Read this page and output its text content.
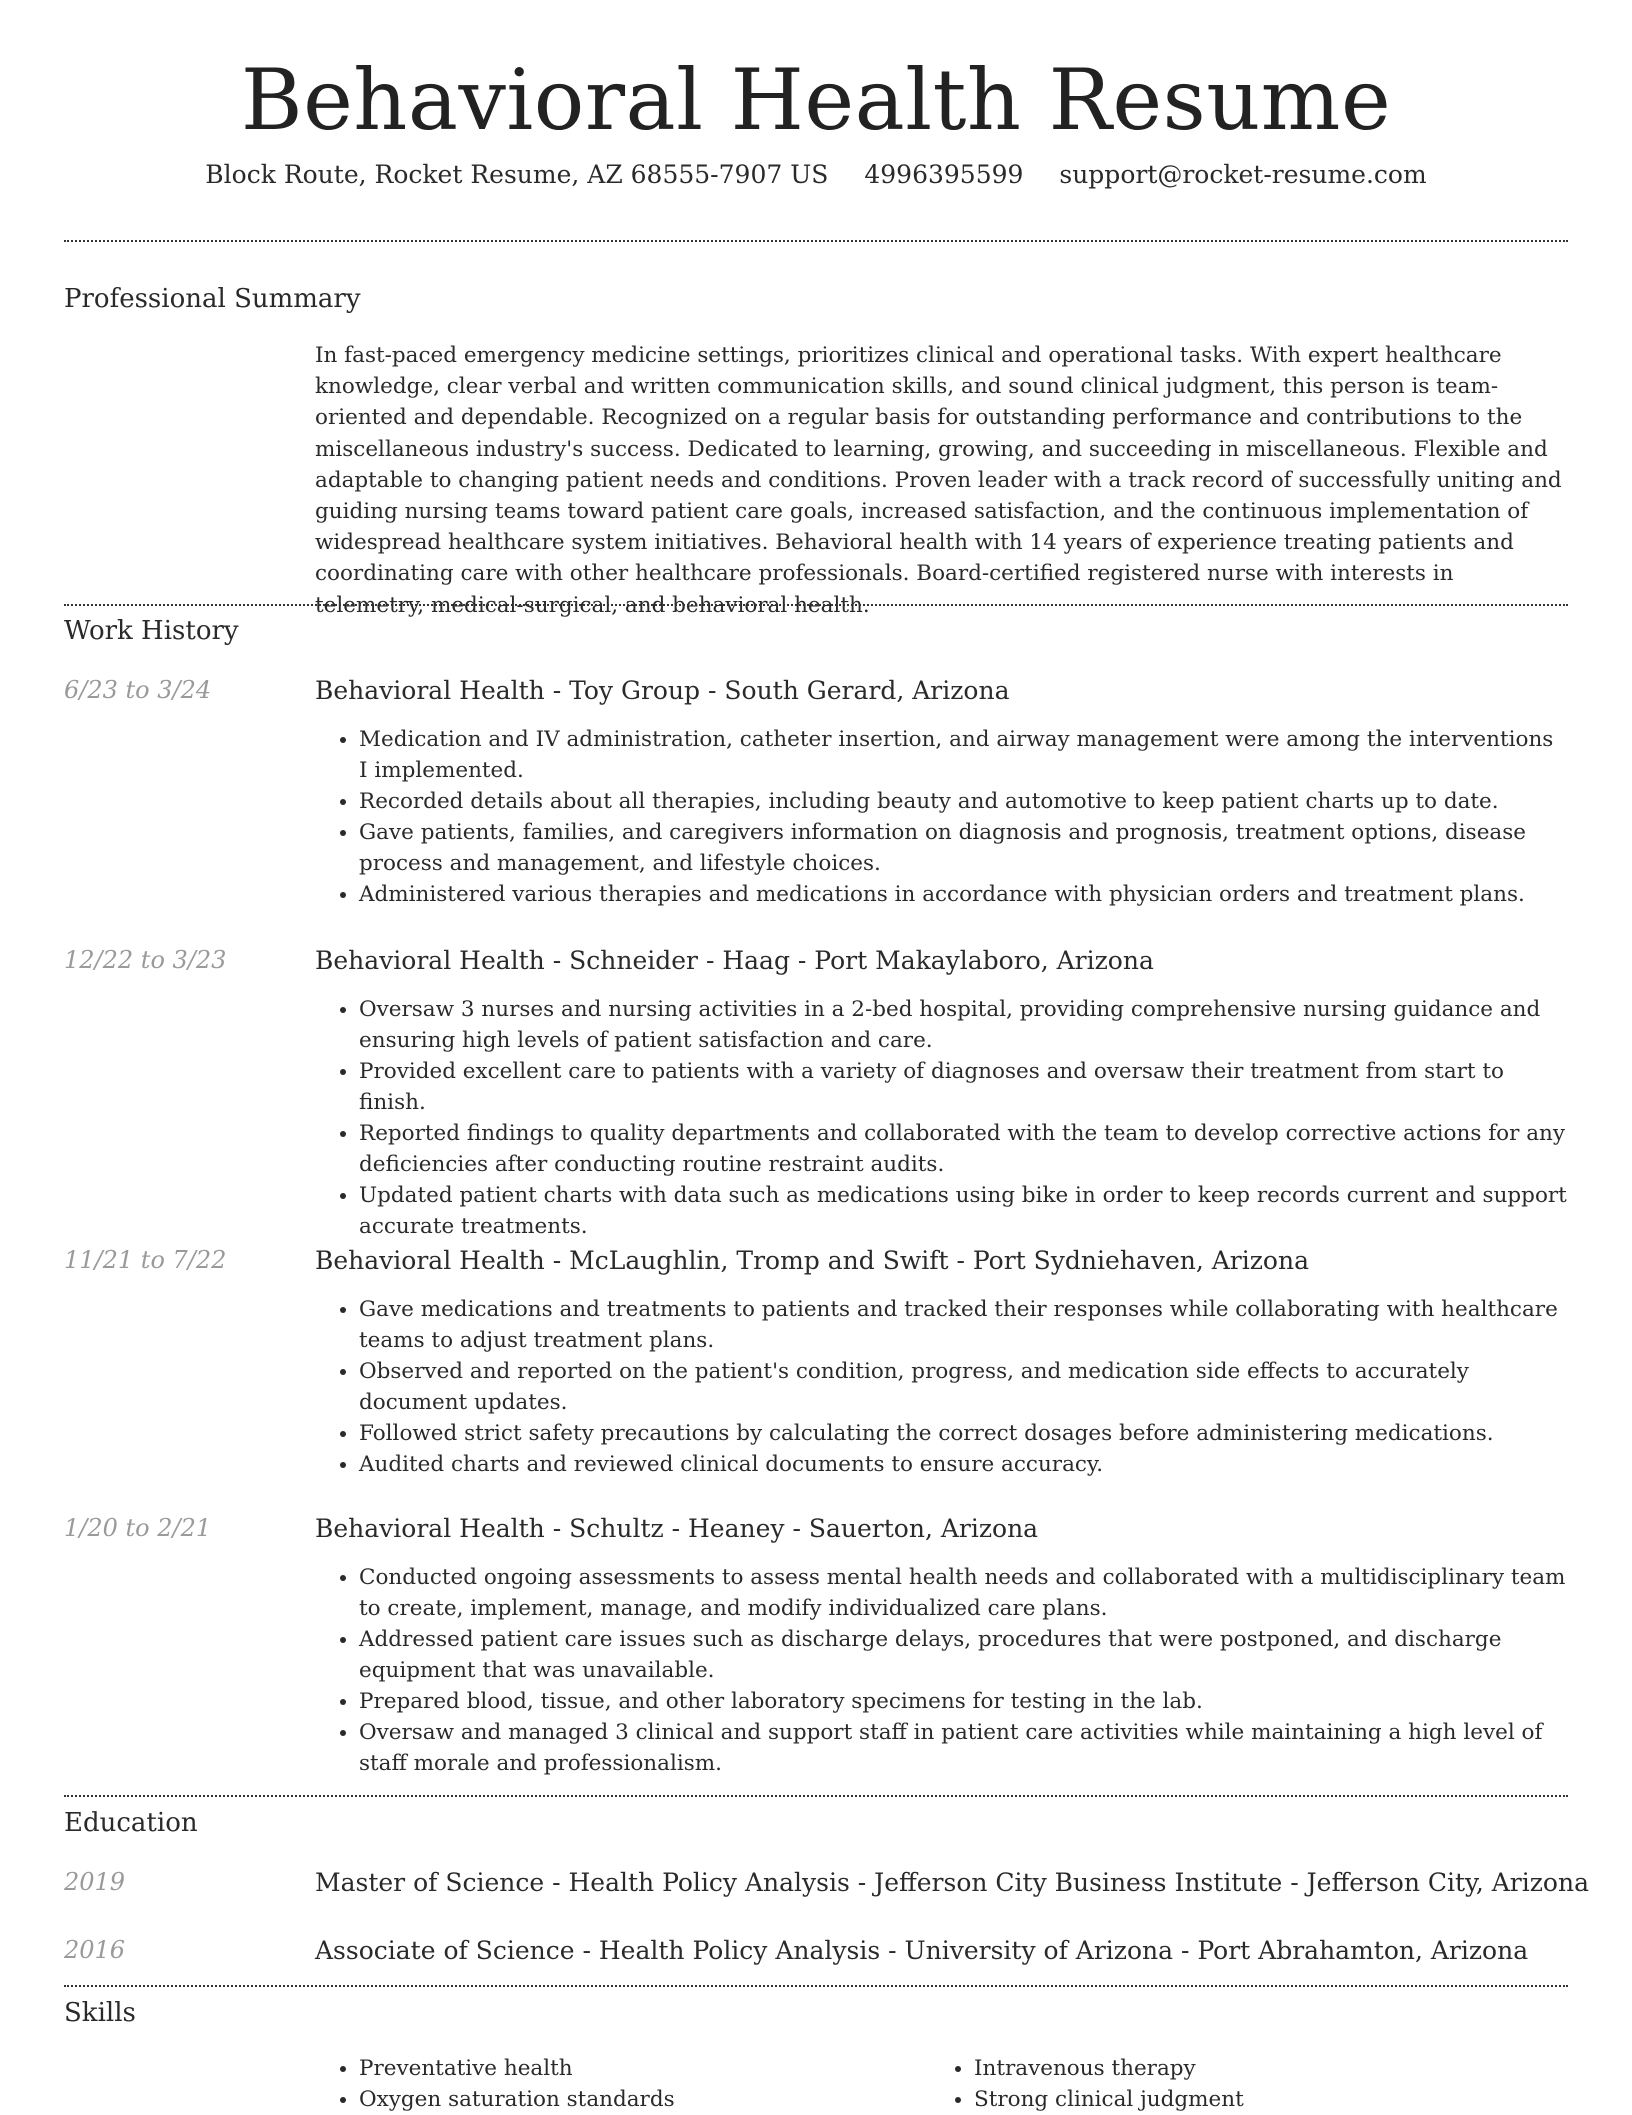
Behavioral Health Resume

Block Route, Rocket Resume, AZ 68555-7907 US 4996395599 support@rocket-resume.com

Professional Summary

In fast-paced emergency medicine settings, prioritizes clinical and operational tasks. With expert healthcare knowledge, clear verbal and written communication skills, and sound clinical judgment, this person is team-oriented and dependable. Recognized on a regular basis for outstanding performance and contributions to the miscellaneous industry's success. Dedicated to learning, growing, and succeeding in miscellaneous. Flexible and adaptable to changing patient needs and conditions. Proven leader with a track record of successfully uniting and guiding nursing teams toward patient care goals, increased satisfaction, and the continuous implementation of widespread healthcare system initiatives. Behavioral health with 14 years of experience treating patients and coordinating care with other healthcare professionals. Board-certified registered nurse with interests in telemetry, medical-surgical, and behavioral health.

Work History
6/23 to 3/24	Behavioral Health - Toy Group - South Gerard, Arizona
• Medication and IV administration, catheter insertion, and airway management were among the interventions I implemented.
• Recorded details about all therapies, including beauty and automotive to keep patient charts up to date.
• Gave patients, families, and caregivers information on diagnosis and prognosis, treatment options, disease process and management, and lifestyle choices.
• Administered various therapies and medications in accordance with physician orders and treatment plans.
12/22 to 3/23	Behavioral Health - Schneider - Haag - Port Makaylaboro, Arizona
• Oversaw 3 nurses and nursing activities in a 2-bed hospital, providing comprehensive nursing guidance and ensuring high levels of patient satisfaction and care.
• Provided excellent care to patients with a variety of diagnoses and oversaw their treatment from start to finish.
• Reported findings to quality departments and collaborated with the team to develop corrective actions for any deficiencies after conducting routine restraint audits.
• Updated patient charts with data such as medications using bike in order to keep records current and support accurate treatments.
11/21 to 7/22	Behavioral Health - McLaughlin, Tromp and Swift - Port Sydniehaven, Arizona
• Gave medications and treatments to patients and tracked their responses while collaborating with healthcare teams to adjust treatment plans.
• Observed and reported on the patient's condition, progress, and medication side effects to accurately document updates.
• Followed strict safety precautions by calculating the correct dosages before administering medications.
• Audited charts and reviewed clinical documents to ensure accuracy.
1/20 to 2/21	Behavioral Health - Schultz - Heaney - Sauerton, Arizona
• Conducted ongoing assessments to assess mental health needs and collaborated with a multidisciplinary team to create, implement, manage, and modify individualized care plans.
• Addressed patient care issues such as discharge delays, procedures that were postponed, and discharge equipment that was unavailable.
• Prepared blood, tissue, and other laboratory specimens for testing in the lab.
• Oversaw and managed 3 clinical and support staff in patient care activities while maintaining a high level of staff morale and professionalism.
Education
2019	Master of Science - Health Policy Analysis - Jefferson City Business Institute - Jefferson City, Arizona
2016	Associate of Science - Health Policy Analysis - University of Arizona - Port Abrahamton, Arizona
Skills
• Preventative health
• Oxygen saturation standards
• Intravenous therapy
• Strong clinical judgment
